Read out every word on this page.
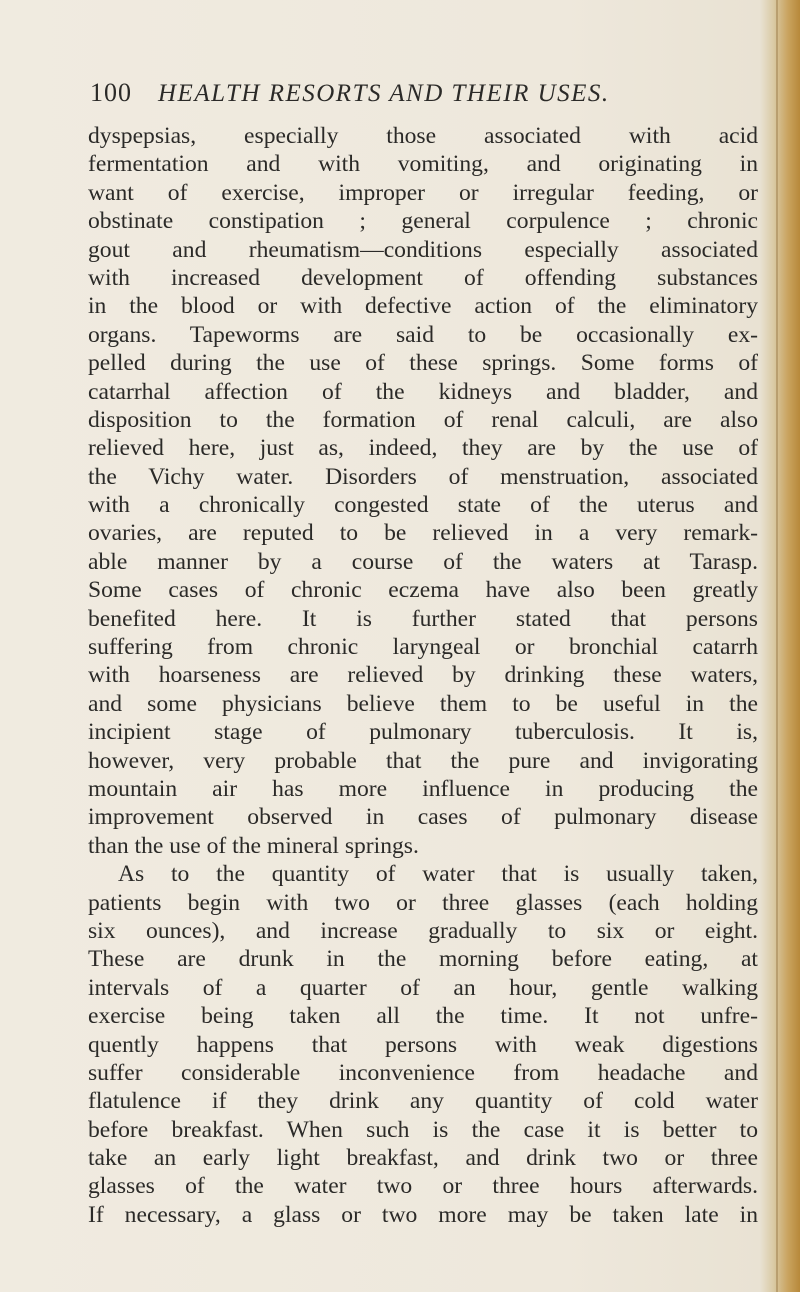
100 HEALTH RESORTS AND THEIR USES.
dyspepsias, especially those associated with acid
fermentation and with vomiting, and originating in
want of exercise, improper or irregular feeding, or
obstinate constipation ; general corpulence ; chronic
gout and rheumatism—conditions especially associated
with increased development of offending substances
in the blood or with defective action of the eliminatory
organs. Tapeworms are said to be occasionally ex-
pelled during the use of these springs. Some forms of
catarrhal affection of the kidneys and bladder, and
disposition to the formation of renal calculi, are also
relieved here, just as, indeed, they are by the use of
the Vichy water. Disorders of menstruation, associated
with a chronically congested state of the uterus and
ovaries, are reputed to be relieved in a very remark-
able manner by a course of the waters at Tarasp.
Some cases of chronic eczema have also been greatly
benefited here. It is further stated that persons
suffering from chronic laryngeal or bronchial catarrh
with hoarseness are relieved by drinking these waters,
and some physicians believe them to be useful in the
incipient stage of pulmonary tuberculosis. It is,
however, very probable that the pure and invigorating
mountain air has more influence in producing the
improvement observed in cases of pulmonary disease
than the use of the mineral springs.
As to the quantity of water that is usually taken,
patients begin with two or three glasses (each holding
six ounces), and increase gradually to six or eight.
These are drunk in the morning before eating, at
intervals of a quarter of an hour, gentle walking
exercise being taken all the time. It not unfre-
quently happens that persons with weak digestions
suffer considerable inconvenience from headache and
flatulence if they drink any quantity of cold water
before breakfast. When such is the case it is better to
take an early light breakfast, and drink two or three
glasses of the water two or three hours afterwards.
If necessary, a glass or two more may be taken late in
